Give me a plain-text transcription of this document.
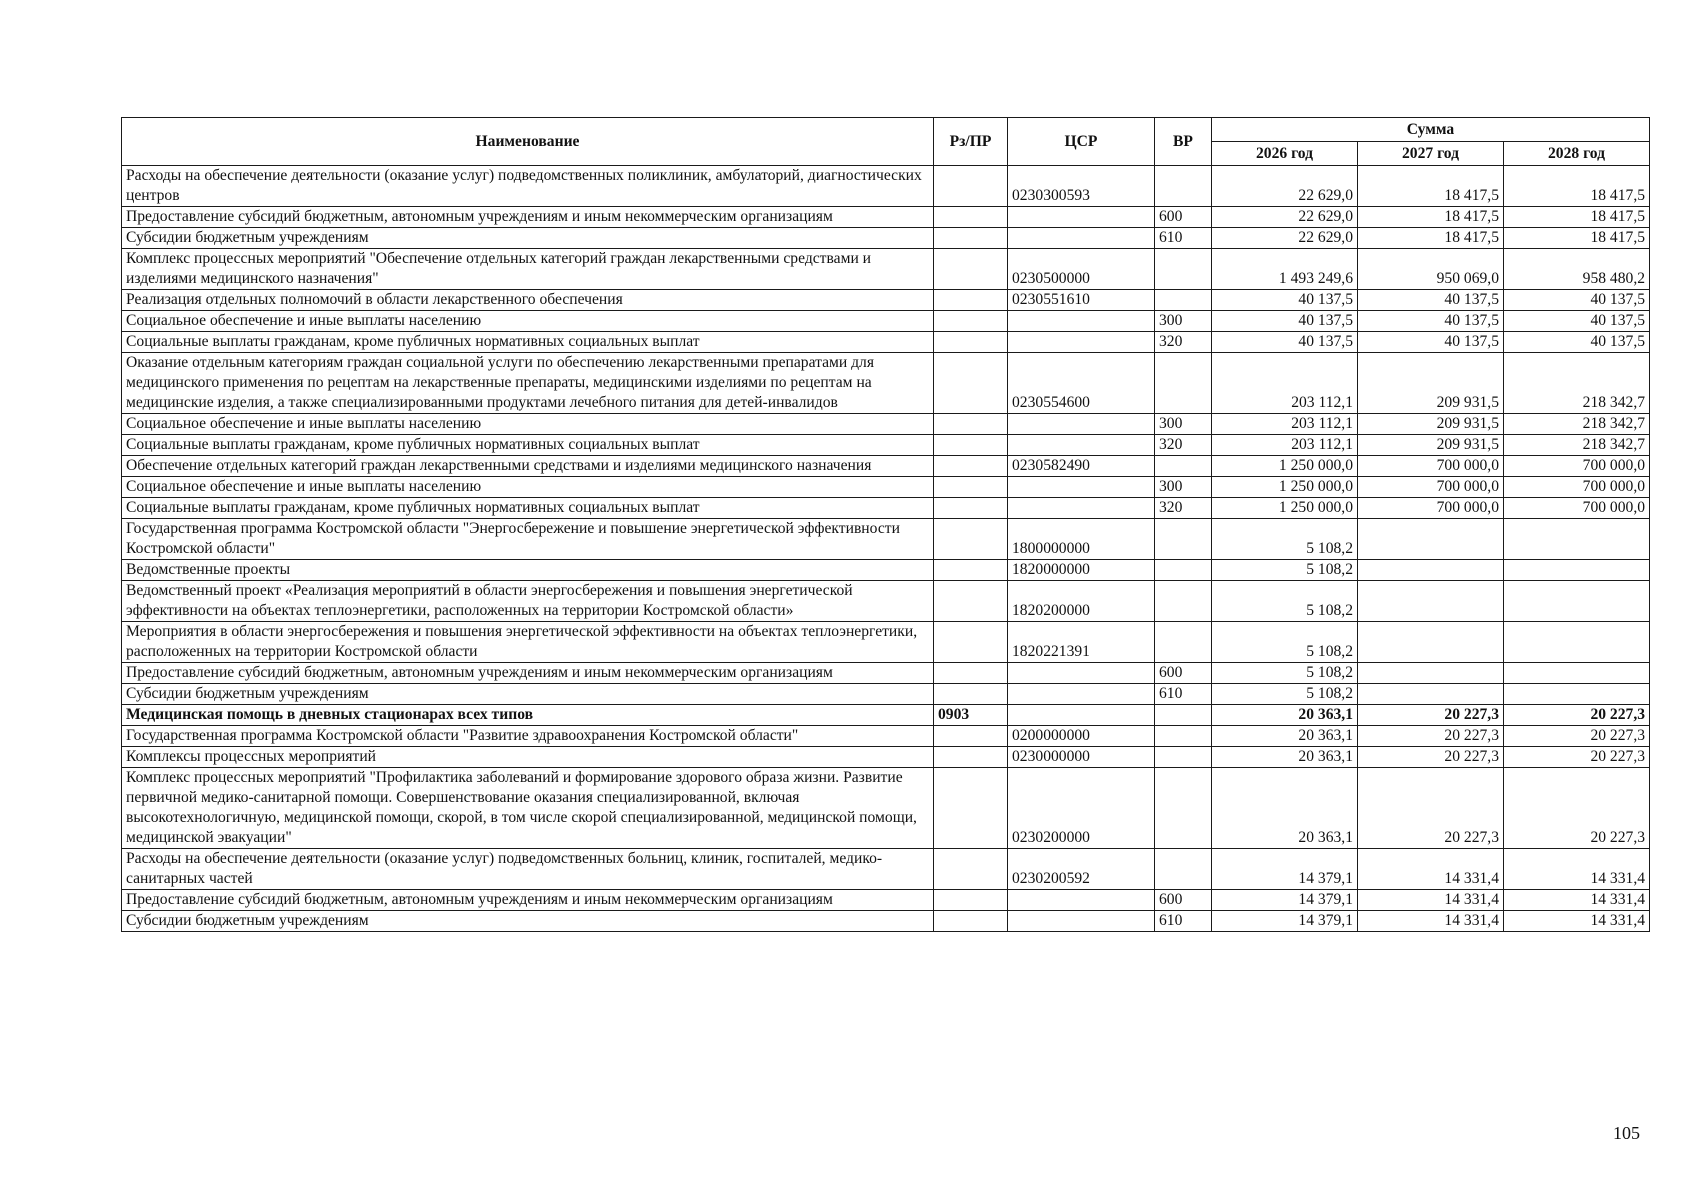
Наименование	Рз/ПР	ЦСР	ВР	Сумма		
				2026 год	2027 год	2028 год
Расходы на обеспечение деятельности (оказание услуг) подведомственных поликлиник, амбулаторий, диагностических центров		0230300593		22 629,0	18 417,5	18 417,5
Предоставление субсидий бюджетным, автономным учреждениям и иным некоммерческим организациям			600	22 629,0	18 417,5	18 417,5
Субсидии бюджетным учреждениям			610	22 629,0	18 417,5	18 417,5
Комплекс процессных мероприятий "Обеспечение отдельных категорий граждан лекарственными средствами и изделиями медицинского назначения"		0230500000		1 493 249,6	950 069,0	958 480,2
Реализация отдельных полномочий в области лекарственного обеспечения		0230551610		40 137,5	40 137,5	40 137,5
Социальное обеспечение и иные выплаты населению			300	40 137,5	40 137,5	40 137,5
Социальные выплаты гражданам, кроме публичных нормативных социальных выплат			320	40 137,5	40 137,5	40 137,5
Оказание отдельным категориям граждан социальной услуги по обеспечению лекарственными препаратами для медицинского применения по рецептам на лекарственные препараты, медицинскими изделиями по рецептам на медицинские изделия, а также специализированными продуктами лечебного питания для детей-инвалидов		0230554600		203 112,1	209 931,5	218 342,7
Социальное обеспечение и иные выплаты населению			300	203 112,1	209 931,5	218 342,7
Социальные выплаты гражданам, кроме публичных нормативных социальных выплат			320	203 112,1	209 931,5	218 342,7
Обеспечение отдельных категорий граждан лекарственными средствами и изделиями медицинского назначения		0230582490		1 250 000,0	700 000,0	700 000,0
Социальное обеспечение и иные выплаты населению			300	1 250 000,0	700 000,0	700 000,0
Социальные выплаты гражданам, кроме публичных нормативных социальных выплат			320	1 250 000,0	700 000,0	700 000,0
Государственная программа Костромской области "Энергосбережение и повышение энергетической эффективности Костромской области"		1800000000		5 108,2		
Ведомственные проекты		1820000000		5 108,2		
Ведомственный проект «Реализация мероприятий в области энергосбережения и повышения энергетической эффективности на объектах теплоэнергетики, расположенных на территории Костромской области»		1820200000		5 108,2		
Мероприятия в области энергосбережения и повышения энергетической эффективности на объектах теплоэнергетики, расположенных на территории Костромской области		1820221391		5 108,2		
Предоставление субсидий бюджетным, автономным учреждениям и иным некоммерческим организациям			600	5 108,2		
Субсидии бюджетным учреждениям			610	5 108,2		
Медицинская помощь в дневных стационарах всех типов	0903			20 363,1	20 227,3	20 227,3
Государственная программа Костромской области "Развитие здравоохранения Костромской области"		0200000000		20 363,1	20 227,3	20 227,3
Комплексы процессных мероприятий		0230000000		20 363,1	20 227,3	20 227,3
Комплекс процессных мероприятий "Профилактика заболеваний и формирование здорового образа жизни. Развитие первичной медико-санитарной помощи. Совершенствование оказания специализированной, включая высокотехнологичную, медицинской помощи, скорой, в том числе скорой специализированной, медицинской помощи, медицинской эвакуации"		0230200000		20 363,1	20 227,3	20 227,3
Расходы на обеспечение деятельности (оказание услуг) подведомственных больниц, клиник, госпиталей, медико-санитарных частей		0230200592		14 379,1	14 331,4	14 331,4
Предоставление субсидий бюджетным, автономным учреждениям и иным некоммерческим организациям			600	14 379,1	14 331,4	14 331,4
Субсидии бюджетным учреждениям			610	14 379,1	14 331,4	14 331,4
105
